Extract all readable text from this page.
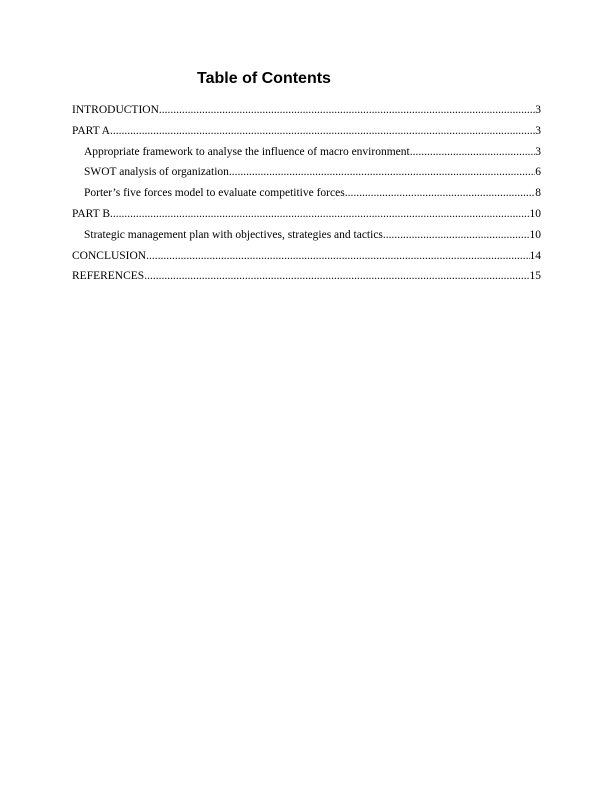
Table of Contents
INTRODUCTION .....	3
PART A .....	3
Appropriate framework to analyse the influence of macro environment .....	3
SWOT analysis of organization .....	6
Porter’s five forces model to evaluate competitive forces .....	8
PART B .....	10
Strategic management plan with objectives, strategies and tactics .....	10
CONCLUSION .....	14
REFERENCES .....	15
